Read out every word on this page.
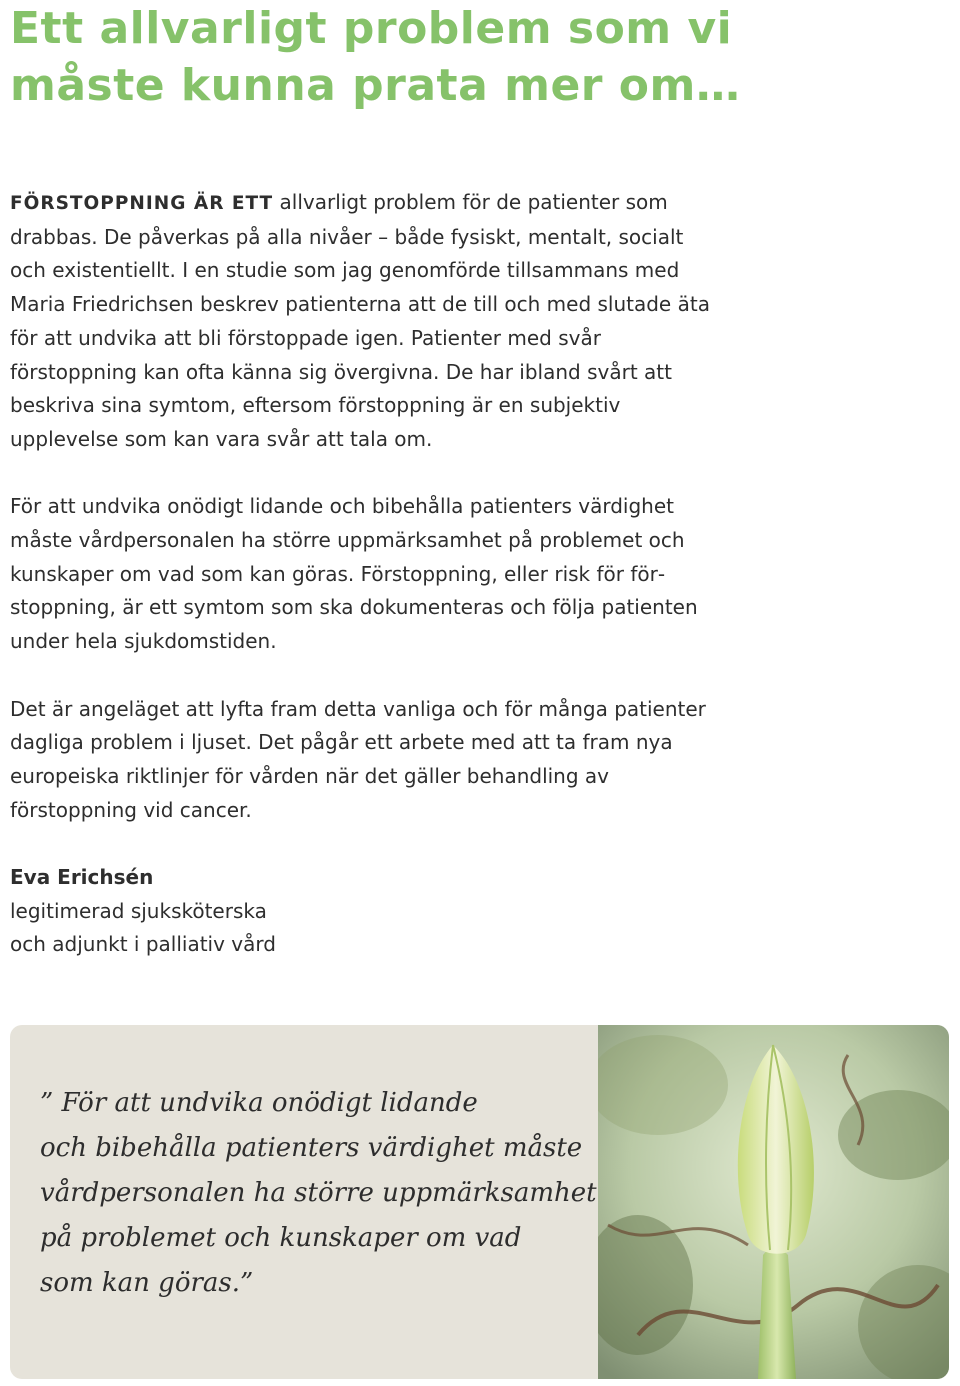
Ett allvarligt problem som vi
måste kunna prata mer om…

FÖRSTOPPNING ÄR ETT allvarligt problem för de patienter som drabbas. De påverkas på alla nivåer – både fysiskt, mentalt, socialt och existentiellt. I en studie som jag genomförde tillsammans med Maria Friedrichsen beskrev patienterna att de till och med slutade äta för att undvika att bli förstoppade igen. Patienter med svår förstoppning kan ofta känna sig övergivna. De har ibland svårt att beskriva sina symtom, eftersom förstoppning är en subjektiv upplevelse som kan vara svår att tala om.

För att undvika onödigt lidande och bibehålla patienters värdighet måste vårdpersonalen ha större uppmärksamhet på problemet och kunskaper om vad som kan göras. Förstoppning, eller risk för förstoppning, är ett symtom som ska dokumenteras och följa patienten under hela sjukdomstiden.

Det är angeläget att lyfta fram detta vanliga och för många patienter dagliga problem i ljuset. Det pågår ett arbete med att ta fram nya europeiska riktlinjer för vården när det gäller behandling av förstoppning vid cancer.

Eva Erichsén
legitimerad sjuksköterska
och adjunkt i palliativ vård

” För att undvika onödigt lidande
och bibehålla patienters värdighet måste
vårdpersonalen ha större uppmärksamhet
på problemet och kunskaper om vad
som kan göras.”
